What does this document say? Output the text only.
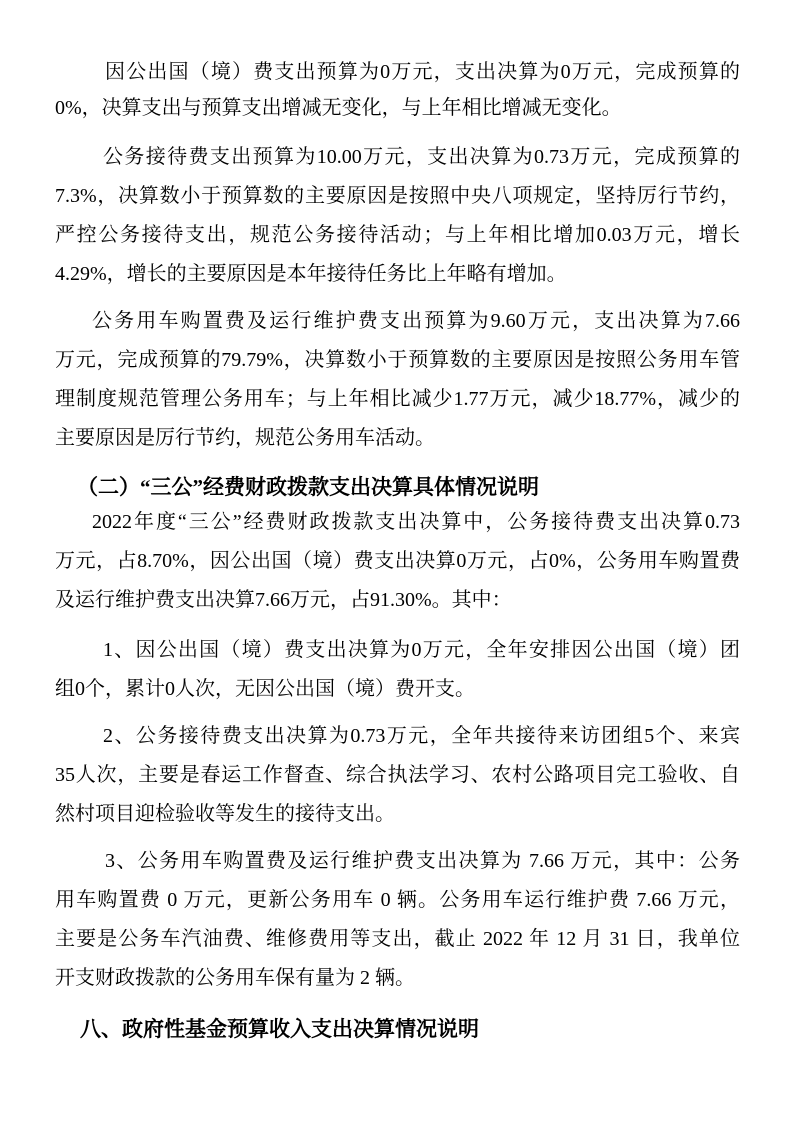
因公出国（境）费支出预算为0万元，支出决算为0万元，完成预算的
0%，决算支出与预算支出增减无变化，与上年相比增减无变化。
公务接待费支出预算为10.00万元，支出决算为0.73万元，完成预算的
7.3%，决算数小于预算数的主要原因是按照中央八项规定，坚持厉行节约，
严控公务接待支出，规范公务接待活动；与上年相比增加0.03万元，增长
4.29%，增长的主要原因是本年接待任务比上年略有增加。
公务用车购置费及运行维护费支出预算为9.60万元，支出决算为7.66
万元，完成预算的79.79%，决算数小于预算数的主要原因是按照公务用车管
理制度规范管理公务用车；与上年相比减少1.77万元，减少18.77%，减少的
主要原因是厉行节约，规范公务用车活动。
（二）“三公”经费财政拨款支出决算具体情况说明
2022年度“三公”经费财政拨款支出决算中，公务接待费支出决算0.73
万元，占8.70%，因公出国（境）费支出决算0万元，占0%，公务用车购置费
及运行维护费支出决算7.66万元，占91.30%。其中：
1、因公出国（境）费支出决算为0万元，全年安排因公出国（境）团
组0个，累计0人次，无因公出国（境）费开支。
2、公务接待费支出决算为0.73万元，全年共接待来访团组5个、来宾
35人次，主要是春运工作督查、综合执法学习、农村公路项目完工验收、自
然村项目迎检验收等发生的接待支出。
3、公务用车购置费及运行维护费支出决算为 7.66 万元，其中：公务
用车购置费 0 万元，更新公务用车 0 辆。公务用车运行维护费 7.66 万元，
主要是公务车汽油费、维修费用等支出，截止 2022 年 12 月 31 日，我单位
开支财政拨款的公务用车保有量为 2 辆。
八、政府性基金预算收入支出决算情况说明
